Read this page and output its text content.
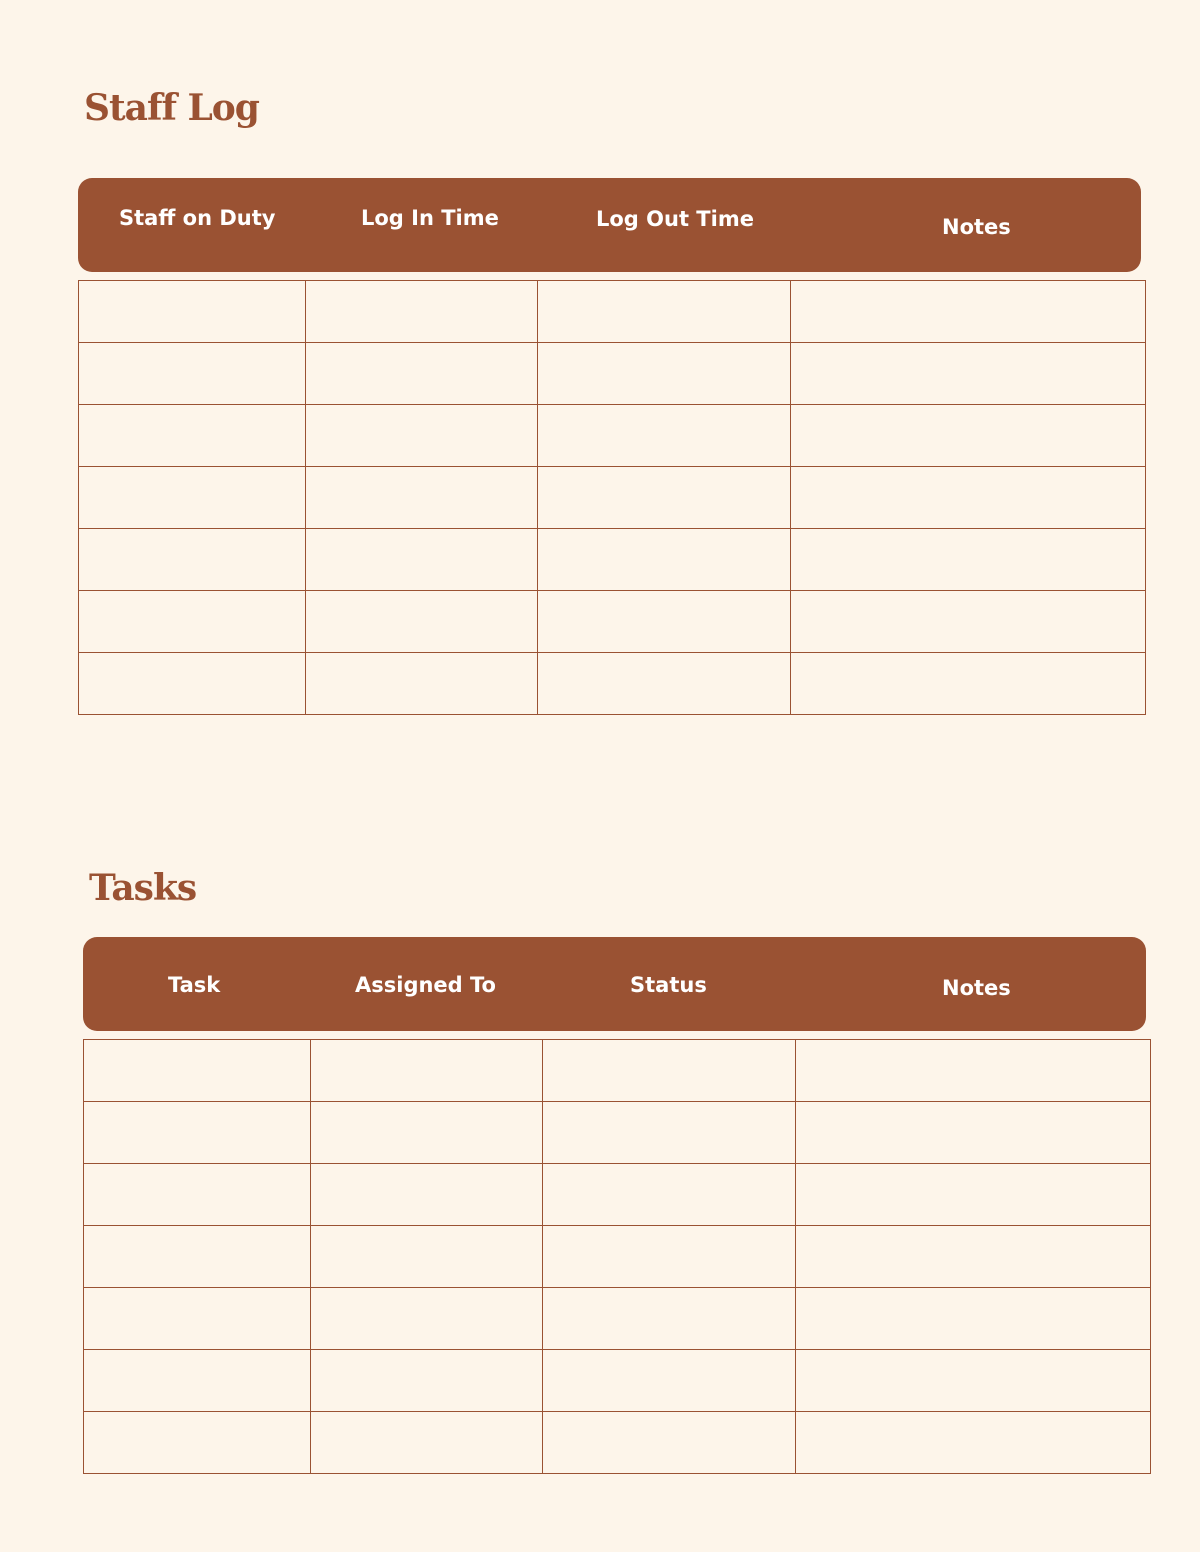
Staff Log
Staff on Duty	Log In Time	Log Out Time	Notes

Tasks
Task	Assigned To	Status	Notes
